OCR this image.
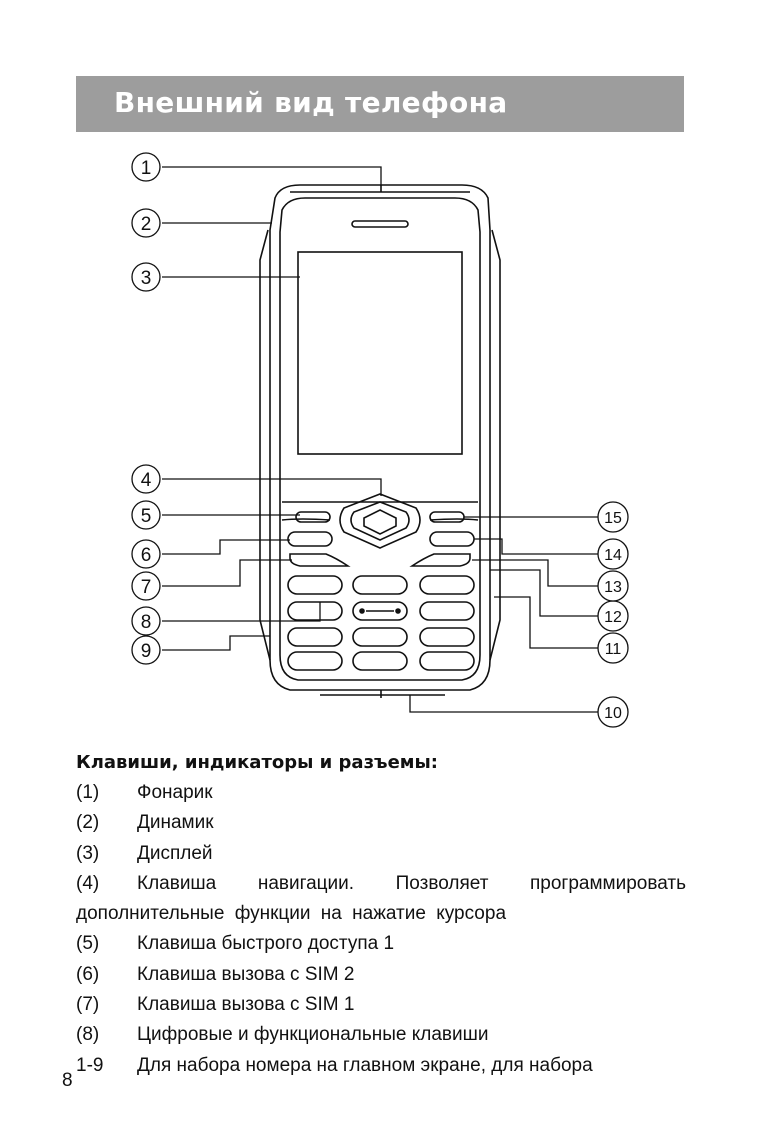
Внешний вид телефона
1
2
3
4
5
6
7
8
9
10
11
12
13
14
15
Клавиши, индикаторы и разъемы:
(1)	Фонарик
(2)	Динамик
(3)	Дисплей
(4) Клавиша навигации. Позволяет программировать дополнительные функции на нажатие курсора
(5)	Клавиша быстрого доступа 1
(6)	Клавиша вызова с SIM 2
(7)	Клавиша вызова с SIM 1
(8)	Цифровые и функциональные клавиши
1-9	Для набора номера на главном экране, для набора
8
